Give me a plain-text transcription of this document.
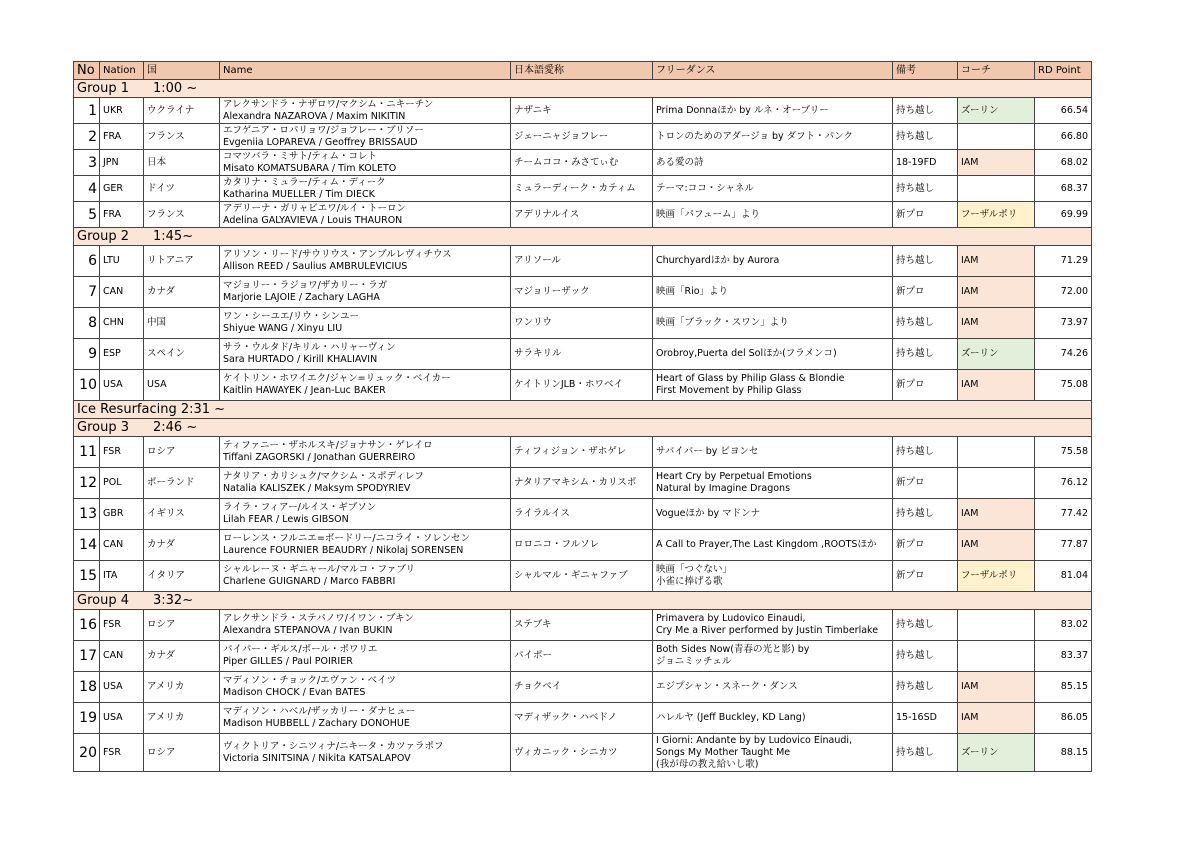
No	Nation	国	Name	日本語愛称	フリーダンス	備考	コーチ	RD Point
Group 1 1:00 ~								
1	UKR	ウクライナ	アレクサンドラ・ナザロワ/マクシム・ニキーチン
Alexandra NAZAROVA / Maxim NIKITIN	ナザニキ	Prima Donnaほか by ルネ・オーブリー	持ち越し	ズーリン	66.54
2	FRA	フランス	エフゲニア・ロパリョワ/ジョフレー・ブリソー
Evgeniia LOPAREVA / Geoffrey BRISSAUD	ジェーニャジョフレー	トロンのためのアダージョ by ダフト・パンク	持ち越し		66.80
3	JPN	日本	コマツバラ・ミサト/ティム・コレト
Misato KOMATSUBARA / Tim KOLETO	チームココ・みさてぃむ	ある愛の詩	18-19FD	IAM	68.02
4	GER	ドイツ	カタリナ・ミュラー/ティム・ディーク
Katharina MUELLER / Tim DIECK	ミュラーディーク・カティム	テーマ:ココ・シャネル	持ち越し		68.37
5	FRA	フランス	アデリーナ・ガリャビエワ/ルイ・トーロン
Adelina GALYAVIEVA / Louis THAURON	アデリナルイス	映画「パフューム」より	新プロ	フーザルポリ	69.99
Group 2 1:45~								
6	LTU	リトアニア	アリソン・リード/サウリウス・アンブルレヴィチウス
Allison REED / Saulius AMBRULEVICIUS	アリソール	Churchyardほか by Aurora	持ち越し	IAM	71.29
7	CAN	カナダ	マジョリー・ラジョワ/ザカリー・ラガ
Marjorie LAJOIE / Zachary LAGHA	マジョリーザック	映画「Rio」より	新プロ	IAM	72.00
8	CHN	中国	ワン・シーユエ/リウ・シンユー
Shiyue WANG / Xinyu LIU	ワンリウ	映画「ブラック・スワン」より	持ち越し	IAM	73.97
9	ESP	スペイン	サラ・ウルタド/キリル・ハリャーヴィン
Sara HURTADO / Kirill KHALIAVIN	サラキリル	Orobroy,Puerta del Solほか(フラメンコ)	持ち越し	ズーリン	74.26
10	USA	USA	ケイトリン・ホワイエク/ジャン=リュック・ベイカー
Kaitlin HAWAYEK / Jean-Luc BAKER	ケイトリンJLB・ホワベイ	Heart of Glass by Philip Glass & Blondie
First Movement by Philip Glass	新プロ	IAM	75.08
Ice Resurfacing 2:31 ~								
Group 3 2:46 ~								
11	FSR	ロシア	ティファニー・ザホルスキ/ジョナサン・ゲレイロ
Tiffani ZAGORSKI / Jonathan GUERREIRO	ティフィジョン・ザホゲレ	サバイバー by ビヨンセ	持ち越し		75.58
12	POL	ポーランド	ナタリア・カリシュク/マクシム・スポディレフ
Natalia KALISZEK / Maksym SPODYRIEV	ナタリアマキシム・カリスポ	Heart Cry by Perpetual Emotions
Natural by Imagine Dragons	新プロ		76.12
13	GBR	イギリス	ライラ・フィアー/ルイス・ギブソン
Lilah FEAR / Lewis GIBSON	ライラルイス	Vogueほか by マドンナ	持ち越し	IAM	77.42
14	CAN	カナダ	ローレンス・フルニエ=ボードリー/ニコライ・ソレンセン
Laurence FOURNIER BEAUDRY / Nikolaj SORENSEN	ロロニコ・フルソレ	A Call to Prayer,The Last Kingdom ,ROOTSほか	新プロ	IAM	77.87
15	ITA	イタリア	シャルレーヌ・ギニャール/マルコ・ファブリ
Charlene GUIGNARD / Marco FABBRI	シャルマル・ギニャファブ	映画「つぐない」
小雀に捧げる歌	新プロ	フーザルポリ	81.04
Group 4 3:32~								
16	FSR	ロシア	アレクサンドラ・ステパノワ/イワン・ブキン
Alexandra STEPANOVA / Ivan BUKIN	ステブキ	Primavera by Ludovico Einaudi,
Cry Me a River performed by Justin Timberlake	持ち越し		83.02
17	CAN	カナダ	パイパー・ギルス/ポール・ポワリエ
Piper GILLES / Paul POIRIER	パイポー	Both Sides Now(青春の光と影) by
ジョニミッチェル	持ち越し		83.37
18	USA	アメリカ	マディソン・チョック/エヴァン・ベイツ
Madison CHOCK / Evan BATES	チョクベイ	エジプシャン・スネーク・ダンス	持ち越し	IAM	85.15
19	USA	アメリカ	マディソン・ハベル/ザッカリー・ダナヒュー
Madison HUBBELL / Zachary DONOHUE	マディザック・ハベドノ	ハレルヤ (Jeff Buckley, KD Lang)	15-16SD	IAM	86.05
20	FSR	ロシア	ヴィクトリア・シニツィナ/ニキータ・カツァラポフ
Victoria SINITSINA / Nikita KATSALAPOV	ヴィカニック・シニカツ	I Giorni: Andante by by Ludovico Einaudi,
Songs My Mother Taught Me
(我が母の教え給いし歌)	持ち越し	ズーリン	88.15
